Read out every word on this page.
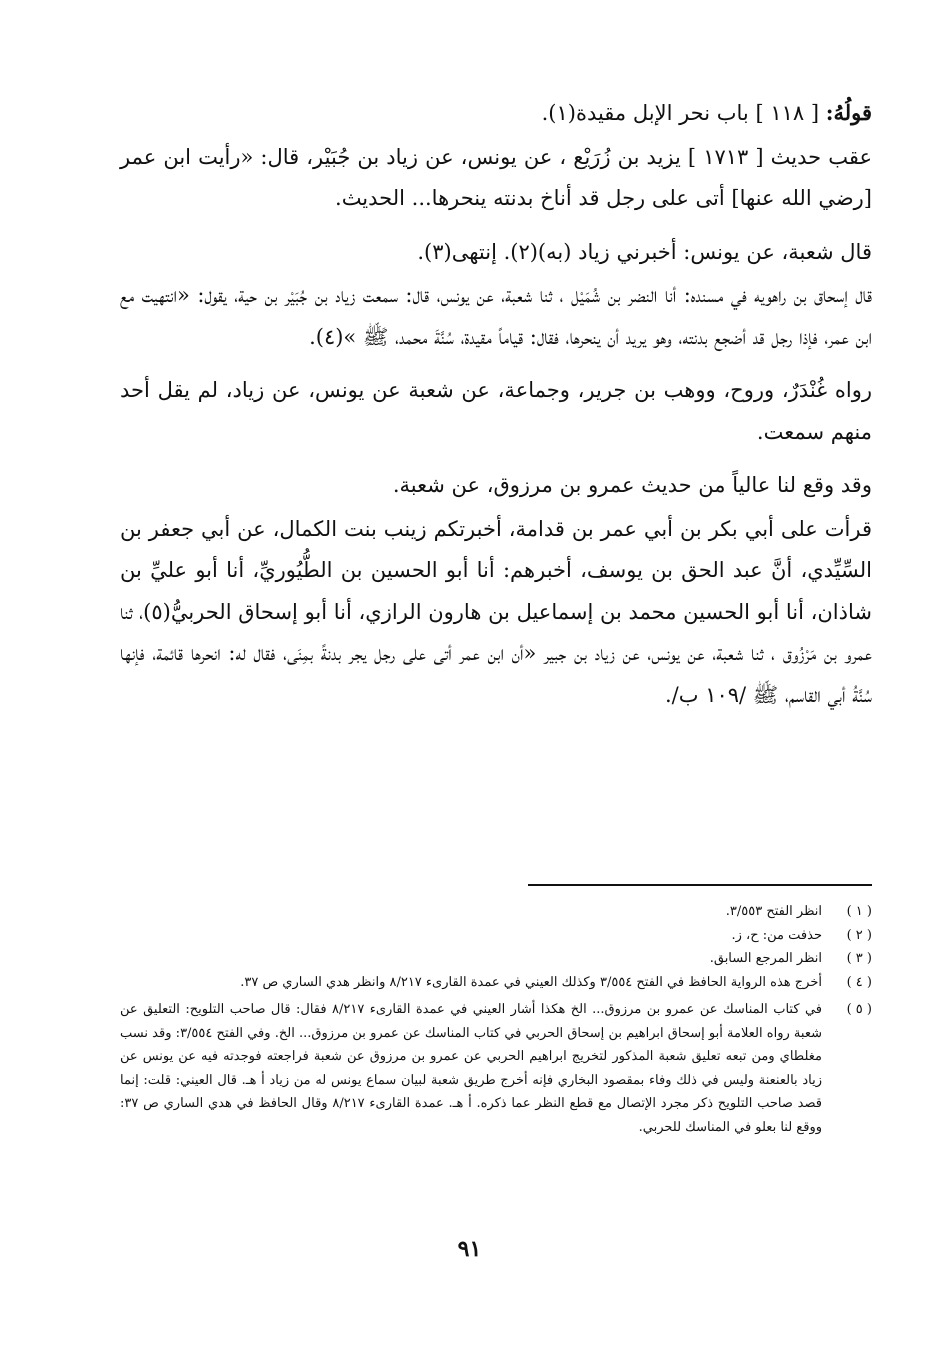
قولُهُ: [ ١١٨ ] باب نحر الإبل مقيدة(١).

عقب حديث [ ١٧١٣ ] يزيد بن زُرَيْع ، عن يونس، عن زياد بن جُبَيْر، قال: «رأيت ابن عمر [رضي الله عنها] أتى على رجل قد أناخ بدنته ينحرها... الحديث.

قال شعبة، عن يونس: أخبرني زياد (به)(٢). إنتهى(٣).

قال إسحاق بن راهويه في مسنده: أنا النضر بن شُمَيْل ، ثنا شعبة، عن يونس، قال: سمعت زياد بن جُبَيْر بن حية، يقول: «انتهيت مع ابن عمر، فإذا رجل قد أضجع بدنته، وهو يريد أن ينحرها، فقال: قياماً مقيدة، سُنَّةَ محمد، ﷺ »(٤).

رواه غُنْدَرٌ، وروح، ووهب بن جرير، وجماعة، عن شعبة عن يونس، عن زياد، لم يقل أحد منهم سمعت.

وقد وقع لنا عالياً من حديث عمرو بن مرزوق، عن شعبة.

قرأت على أبي بكر بن أبي عمر بن قدامة، أخبرتكم زينب بنت الكمال، عن أبي جعفر بن السِّيِّدي، أنَّ عبد الحق بن يوسف، أخبرهم: أنا أبو الحسين بن الطُّيُوريِّ، أنا أبو عليِّ بن شاذان، أنا أبو الحسين محمد بن إسماعيل بن هارون الرازي، أنا أبو إسحاق الحربيُّ(٥)، ثنا عمرو بن مَرْزُوق ، ثنا شعبة، عن يونس، عن زياد بن جبير «أن ابن عمر أتى على رجل يجر بدنةً بمِنَى، فقال له: انحرها قائمة، فإنها سُنَّةُ أبي القاسم، ﷺ /١٠٩ ب/.

( ١ )
انظر الفتح ٣/٥٥٣.
( ٢ )
حذفت من: ح، ز.
( ٣ )
انظر المرجع السابق.
( ٤ )
أخرج هذه الرواية الحافظ في الفتح ٣/٥٥٤ وكذلك العيني في عمدة القارىء ٨/٢١٧ وانظر هدي الساري ص ٣٧.
( ٥ )
في كتاب المناسك عن عمرو بن مرزوق... الخ هكذا أشار العيني في عمدة القارىء ٨/٢١٧ فقال: قال صاحب التلويح: التعليق عن شعبة رواه العلامة أبو إسحاق ابراهيم بن إسحاق الحربي في كتاب المناسك عن عمرو بن مرزوق... الخ. وفي الفتح ٣/٥٥٤: وقد نسب مغلطاي ومن تبعه تعليق شعبة المذكور لتخريج ابراهيم الحربي عن عمرو بن مرزوق عن شعبة فراجعته فوجدته فيه عن يونس عن زياد بالعنعنة وليس في ذلك وفاء بمقصود البخاري فإنه أخرج طريق شعبة لبيان سماع يونس له من زياد أ هـ. قال العيني: قلت: إنما قصد صاحب التلويح ذكر مجرد الإتصال مع قطع النظر عما ذكره. أ هـ. عمدة القارىء ٨/٢١٧ وقال الحافظ في هدي الساري ص ٣٧: ووقع لنا بعلو في المناسك للحربي.
٩١
